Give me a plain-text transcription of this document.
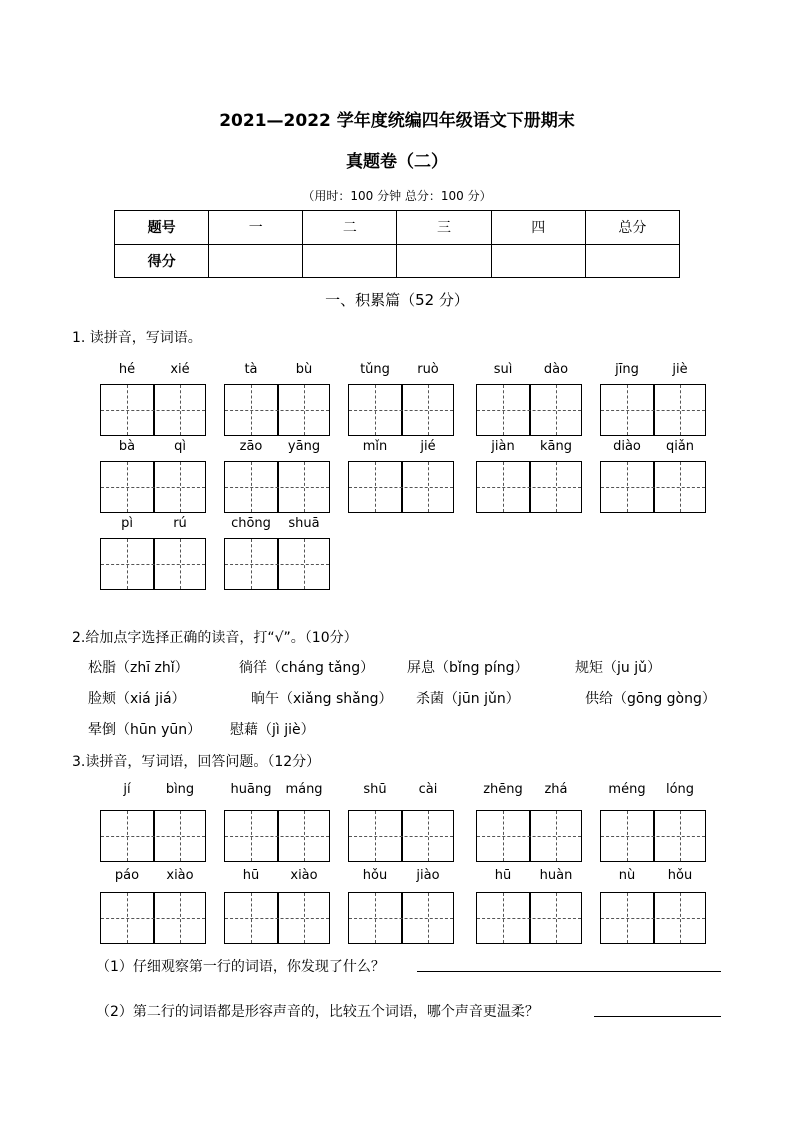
2021—2022 学年度统编四年级语文下册期末
真题卷（二）
（用时：100 分钟 总分：100 分）
题号	一	二	三	四	总分
得分					
一、积累篇（52 分）
1. 读拼音，写词语。
hé	xié	tà	bù	tǔng	ruò	suì	dào	jīng	jiè
bà	qì	zāo	yāng	mǐn	jié	jiàn	kāng	diào	qiǎn
pì	rú	chōng	shuā
2.给加点字选择正确的读音，打“√”。（10分）
松脂（zhī zhǐ）	徜徉（cháng tǎng） 屏息（bǐng píng）	规矩（ju jǔ）
脸颊（xiá jiá）	晌午（xiǎng shǎng） 杀菌（jūn jǔn）	供给（gōng gòng）
晕倒（hūn yūn） 慰藉（jì jiè）
3.读拼音，写词语，回答问题。（12分）
jí	bìng	huāng	máng	shū	cài	zhēng	zhá	méng	lóng
páo	xiào	hū	xiào	hǒu	jiào	hū	huàn	nù	hǒu
（1）仔细观察第一行的词语，你发现了什么？
（2）第二行的词语都是形容声音的，比较五个词语，哪个声音更温柔？
